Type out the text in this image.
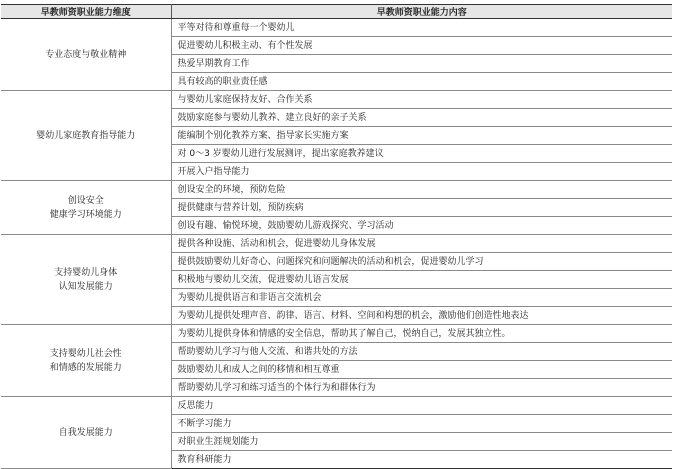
早教师资职业能力维度	早教师资职业能力内容
专业态度与敬业精神	平等对待和尊重每一个婴幼儿
	促进婴幼儿积极主动、有个性发展
	热爱早期教育工作
	具有较高的职业责任感
婴幼儿家庭教育指导能力	与婴幼儿家庭保持友好、合作关系
	鼓励家庭参与婴幼儿教养、建立良好的亲子关系
	能编制个别化教养方案、指导家长实施方案
	对 0～3 岁婴幼儿进行发展测评，提出家庭教养建议
	开展入户指导能力
创设安全
健康学习环境能力	创设安全的环境，预防危险
	提供健康与营养计划，预防疾病
	创设有趣、愉悦环境，鼓励婴幼儿游戏探究、学习活动
支持婴幼儿身体
认知发展能力	提供各种设施、活动和机会，促进婴幼儿身体发展
	提供鼓励婴幼儿好奇心、问题探究和问题解决的活动和机会，促进婴幼儿学习
	积极地与婴幼儿交流，促进婴幼儿语言发展
	为婴幼儿提供语言和非语言交流机会
	为婴幼儿提供处理声音、韵律、语言、材料、空间和构想的机会，激励他们创造性地表达
支持婴幼儿社会性
和情感的发展能力	为婴幼儿提供身体和情感的安全信息，帮助其了解自己，悦纳自己，发展其独立性。
	帮助婴幼儿学习与他人交流、和谐共处的方法
	鼓励婴幼儿和成人之间的移情和相互尊重
	帮助婴幼儿学习和练习适当的个体行为和群体行为
自我发展能力	反思能力
	不断学习能力
	对职业生涯规划能力
	教育科研能力
